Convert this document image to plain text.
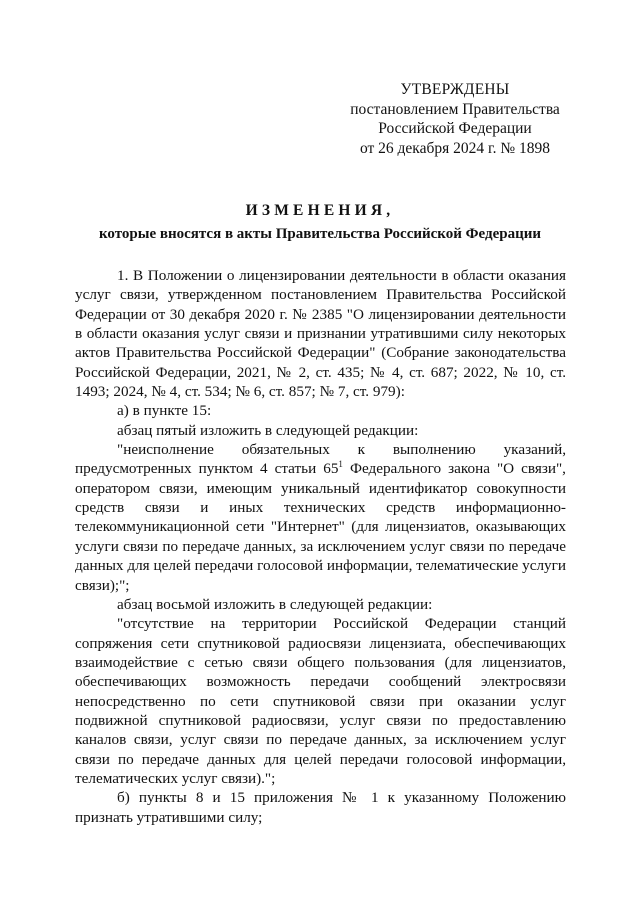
УТВЕРЖДЕНЫ
постановлением Правительства
Российской Федерации
от 26 декабря 2024 г. № 1898
ИЗМЕНЕНИЯ,
которые вносятся в акты Правительства Российской Федерации

1. В Положении о лицензировании деятельности в области оказания услуг связи, утвержденном постановлением Правительства Российской Федерации от 30 декабря 2020 г. № 2385 "О лицензировании деятельности в области оказания услуг связи и признании утратившими силу некоторых актов Правительства Российской Федерации" (Собрание законодательства Российской Федерации, 2021, № 2, ст. 435; № 4, ст. 687; 2022, № 10, ст. 1493; 2024, № 4, ст. 534; № 6, ст. 857; № 7, ст. 979):

а) в пункте 15:

абзац пятый изложить в следующей редакции:

"неисполнение обязательных к выполнению указаний, предусмотренных пунктом 4 статьи $65^1$ Федерального закона "О связи", оператором связи, имеющим уникальный идентификатор совокупности средств связи и иных технических средств информационно-телекоммуникационной сети "Интернет" (для лицензиатов, оказывающих услуги связи по передаче данных, за исключением услуг связи по передаче данных для целей передачи голосовой информации, телематические услуги связи);";

абзац восьмой изложить в следующей редакции:

"отсутствие на территории Российской Федерации станций сопряжения сети спутниковой радиосвязи лицензиата, обеспечивающих взаимодействие с сетью связи общего пользования (для лицензиатов, обеспечивающих возможность передачи сообщений электросвязи непосредственно по сети спутниковой связи при оказании услуг подвижной спутниковой радиосвязи, услуг связи по предоставлению каналов связи, услуг связи по передаче данных, за исключением услуг связи по передаче данных для целей передачи голосовой информации, телематических услуг связи).";

б) пункты 8 и 15 приложения № 1 к указанному Положению признать утратившими силу;
